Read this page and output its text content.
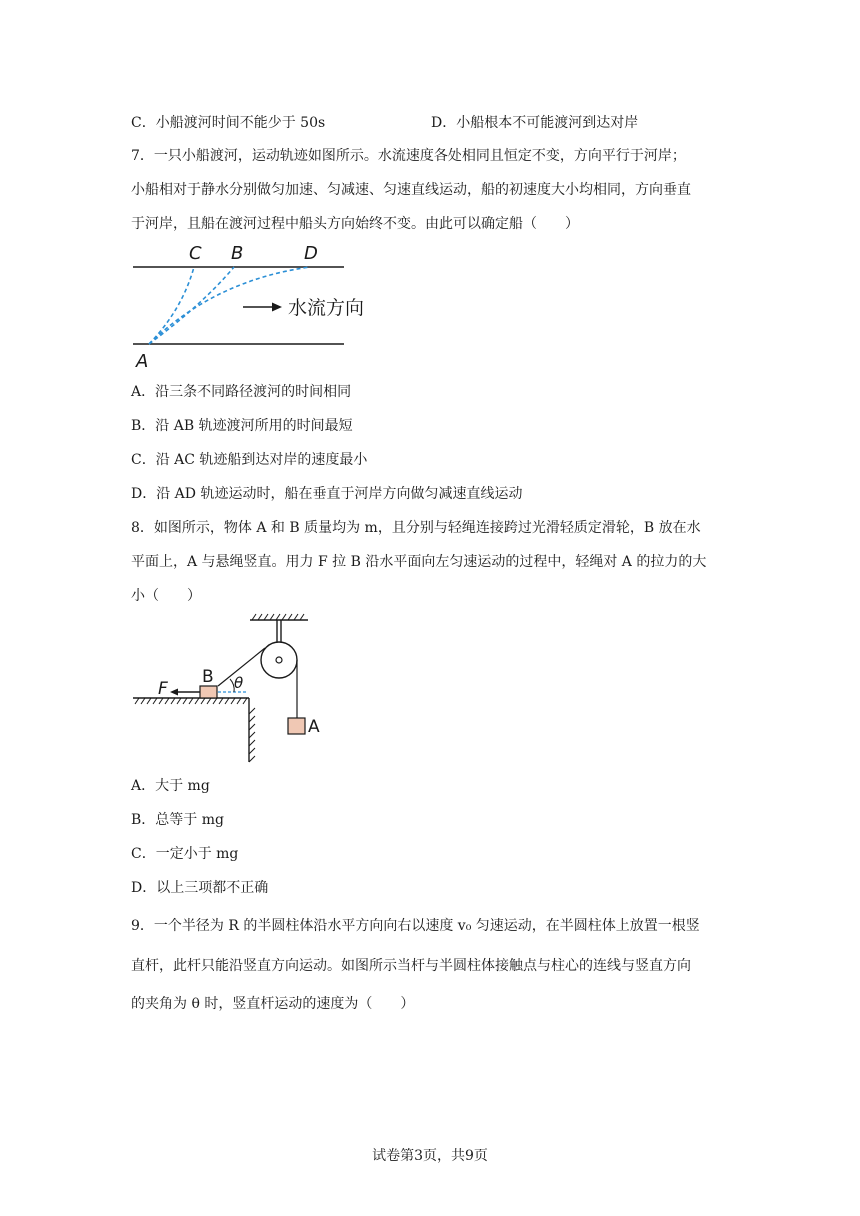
C．小船渡河时间不能少于 50s	D．小船根本不可能渡河到达对岸
7．一只小船渡河，运动轨迹如图所示。水流速度各处相同且恒定不变，方向平行于河岸；
小船相对于静水分别做匀加速、匀减速、匀速直线运动，船的初速度大小均相同，方向垂直
于河岸，且船在渡河过程中船头方向始终不变。由此可以确定船（　　）
C B	D
A
水流方向
A．沿三条不同路径渡河的时间相同
B．沿 AB 轨迹渡河所用的时间最短
C．沿 AC 轨迹船到达对岸的速度最小
D．沿 AD 轨迹运动时，船在垂直于河岸方向做匀减速直线运动
8．如图所示，物体 A 和 B 质量均为 m，且分别与轻绳连接跨过光滑轻质定滑轮，B 放在水
平面上，A 与悬绳竖直。用力 F 拉 B 沿水平面向左匀速运动的过程中，轻绳对 A 的拉力的大
小（　　）
F
B θ
A
A．大于 mg
B．总等于 mg
C．一定小于 mg
D．以上三项都不正确
9．一个半径为 R 的半圆柱体沿水平方向向右以速度 v₀ 匀速运动，在半圆柱体上放置一根竖
直杆，此杆只能沿竖直方向运动。如图所示当杆与半圆柱体接触点与柱心的连线与竖直方向
的夹角为 θ 时，竖直杆运动的速度为（　　）
试卷第3页，共9页
